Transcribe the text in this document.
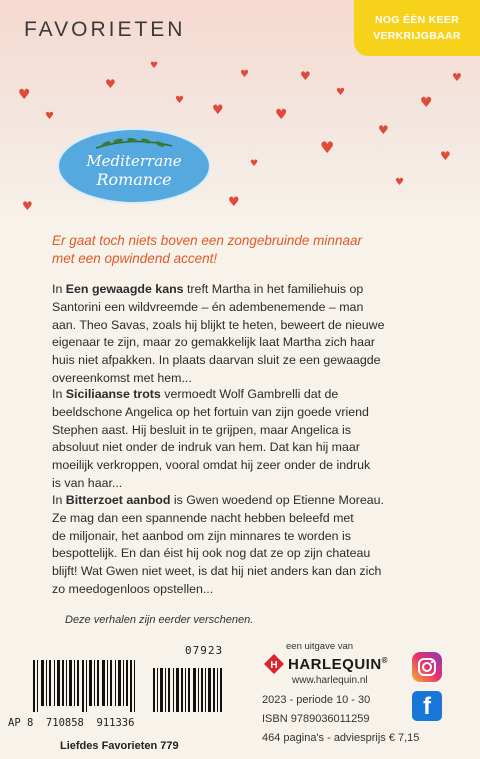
♥
♥
♥
♥
♥
♥
♥
♥
♥
♥
♥
♥
♥
♥
♥
♥
♥	♥
♥
FAVORIETEN	NOG ÉÉN KEER
VERKRIJGBAAR
Mediterrane
Romance
Er gaat toch niets boven een zongebruinde minnaar
met een opwindend accent!
In Een gewaagde kans treft Martha in het familiehuis op
Santorini een wildvreemde – én adembenemende – man
aan. Theo Savas, zoals hij blijkt te heten, beweert de nieuwe
eigenaar te zijn, maar zo gemakkelijk laat Martha zich haar
huis niet afpakken. In plaats daarvan sluit ze een gewaagde
overeenkomst met hem...
In Siciliaanse trots vermoedt Wolf Gambrelli dat de
beeldschone Angelica op het fortuin van zijn goede vriend
Stephen aast. Hij besluit in te grijpen, maar Angelica is
absoluut niet onder de indruk van hem. Dat kan hij maar
moeilijk verkroppen, vooral omdat hij zeer onder de indruk
is van haar...
In Bitterzoet aanbod is Gwen woedend op Etienne Moreau.
Ze mag dan een spannende nacht hebben beleefd met
de miljonair, het aanbod om zijn minnares te worden is
bespottelijk. En dan éist hij ook nog dat ze op zijn chateau
blijft! Wat Gwen niet weet, is dat hij niet anders kan dan zich
zo meedogenloos opstellen...
Deze verhalen zijn eerder verschenen.
07923
AP 8  710858  911336
Liefdes Favorieten 779
een uitgave van
H HARLEQUIN®
www.harlequin.nl
2023 - periode 10 - 30
ISBN 9789036011259
464 pagina's - adviesprijs € 7,15
f
